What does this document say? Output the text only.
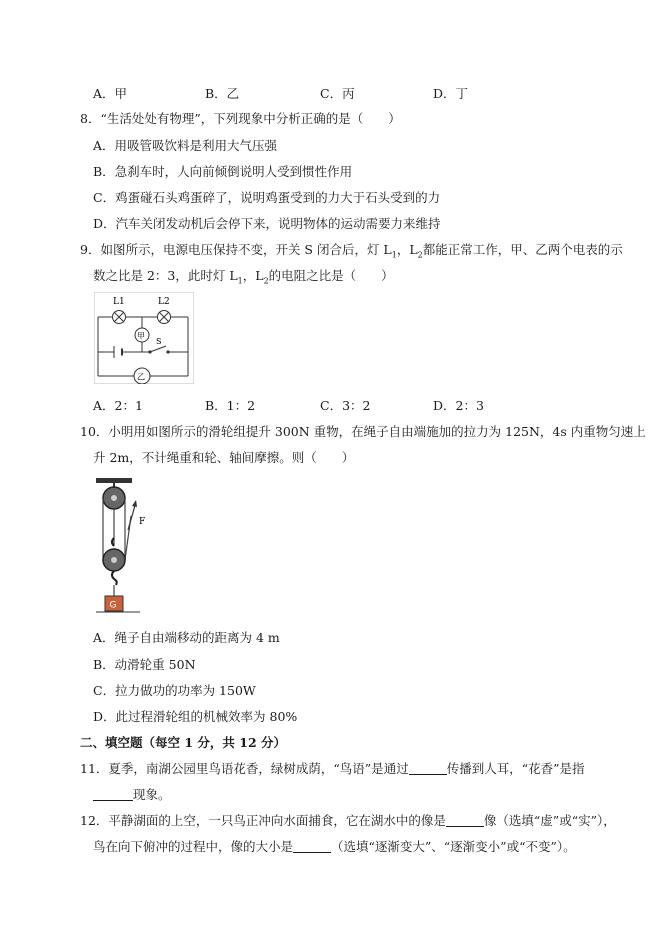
A．甲	B．乙	C．丙	D．丁
8．“生活处处有物理”，下列现象中分析正确的是（　　）
A．用吸管吸饮料是利用大气压强
B．急刹车时，人向前倾倒说明人受到惯性作用
C．鸡蛋碰石头鸡蛋碎了，说明鸡蛋受到的力大于石头受到的力
D．汽车关闭发动机后会停下来，说明物体的运动需要力来维持
9．如图所示，电源电压保持不变，开关 S 闭合后，灯 $L_1$，$L_2$都能正常工作，甲、乙两个电表的示
数之比是 2：3，此时灯 $L_1$，$L_2$的电阻之比是（　　）
L1	L2
甲
S
乙
A．2：1	B．1：2	C．3：2	D．2：3
10．小明用如图所示的滑轮组提升 300N 重物，在绳子自由端施加的拉力为 125N，4s 内重物匀速上
升 2m，不计绳重和轮、轴间摩擦。则（　　）
F
G
A．绳子自由端移动的距离为 4 m
B．动滑轮重 50N
C．拉力做功的功率为 150W
D．此过程滑轮组的机械效率为 80%
二、填空题（每空 1 分，共 12 分）
11．夏季，南湖公园里鸟语花香，绿树成荫，“鸟语”是通过	传播到人耳，“花香”是指
现象。
12．平静湖面的上空，一只鸟正冲向水面捕食，它在湖水中的像是	像（选填“虚”或“实”），
鸟在向下俯冲的过程中，像的大小是	（选填“逐渐变大”、“逐渐变小”或“不变”）。
